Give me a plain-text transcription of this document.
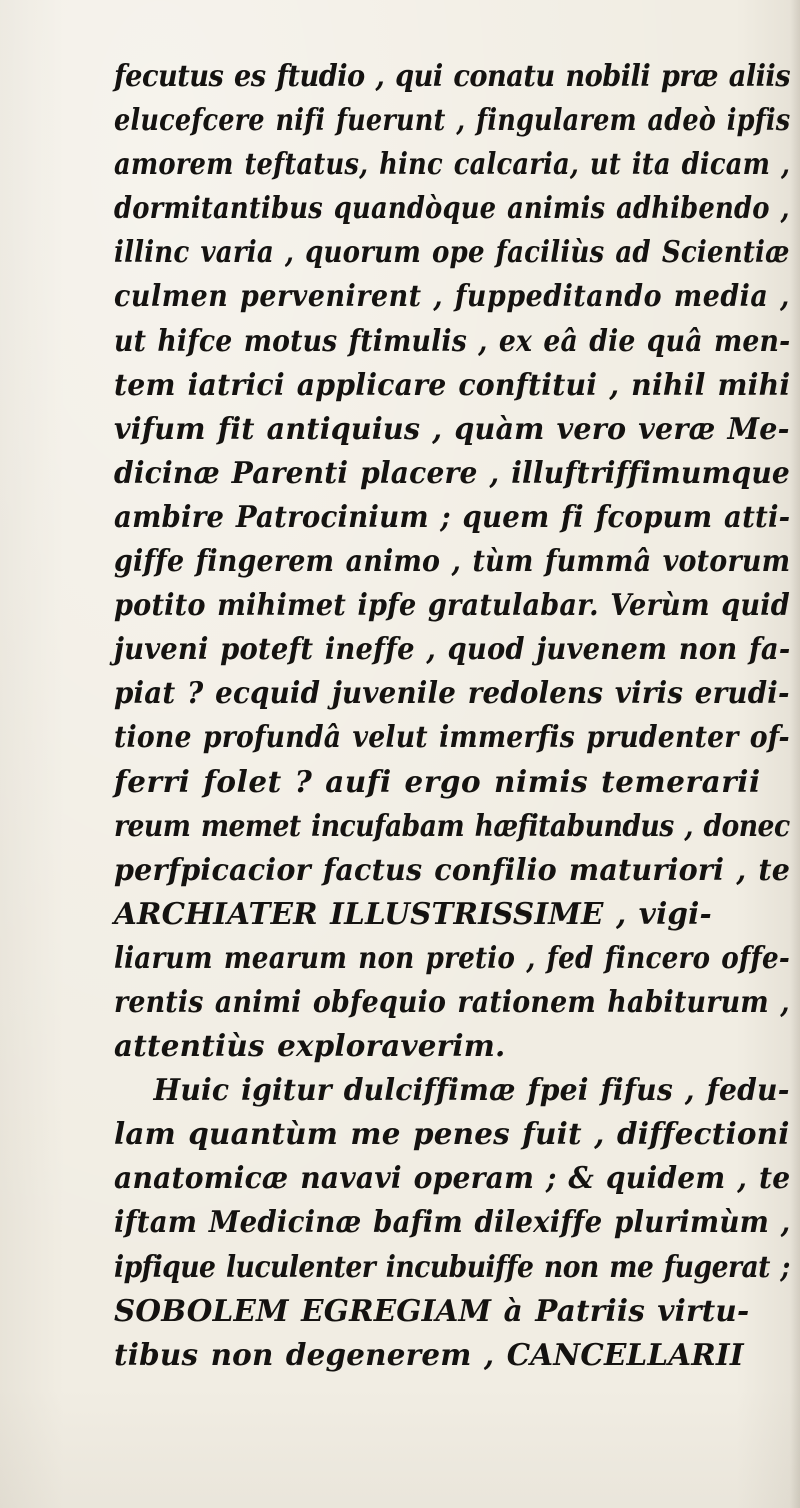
fecutus es ftudio , qui conatu nobili præ aliis
elucefcere nifi fuerunt , fingularem adeò ipfis
amorem teftatus, hinc calcaria, ut ita dicam ,
dormitantibus quandòque animis adhibendo ,
illinc varia , quorum ope faciliùs ad Scientiæ
culmen pervenirent , fuppeditando media ,
ut hifce motus ftimulis , ex eâ die quâ men-
tem iatrici applicare conftitui , nihil mihi
vifum fit antiquius , quàm vero veræ Me-
dicinæ Parenti placere , illuftriffimumque
ambire Patrocinium ; quem fi fcopum atti-
giffe fingerem animo , tùm fummâ votorum
potito mihimet ipfe gratulabar. Verùm quid
juveni poteft ineffe , quod juvenem non fa-
piat ? ecquid juvenile redolens viris erudi-
tione profundâ velut immerfis prudenter of-
ferri folet ? aufi ergo nimis temerarii
reum memet incufabam hæfitabundus , donec
perfpicacior factus confilio maturiori , te
ARCHIATER ILLUSTRISSIME , vigi-
liarum mearum non pretio , fed fincero offe-
rentis animi obfequio rationem habiturum ,
attentiùs exploraverim.
Huic igitur dulciffimæ fpei fifus , fedu-
lam quantùm me penes fuit , diffectioni
anatomicæ navavi operam ; & quidem , te
iftam Medicinæ bafim dilexiffe plurimùm ,
ipfique luculenter incubuiffe non me fugerat ;
SOBOLEM EGREGIAM à Patriis virtu-
tibus non degenerem , CANCELLARII
